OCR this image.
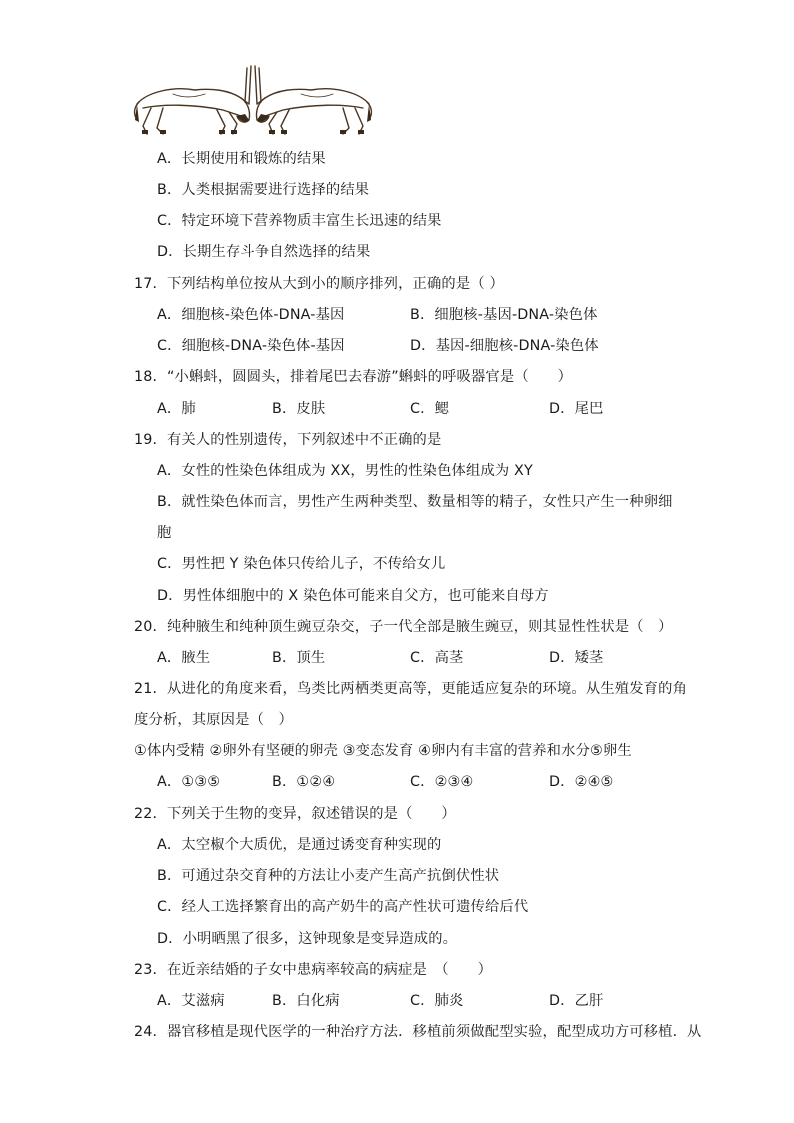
A．长期使用和锻炼的结果
B．人类根据需要进行选择的结果
C．特定环境下营养物质丰富生长迅速的结果
D．长期生存斗争自然选择的结果
17．下列结构单位按从大到小的顺序排列，正确的是（ ）
A．细胞核-染色体-DNA-基因	B．细胞核-基因-DNA-染色体
C．细胞核-DNA-染色体-基因	D．基因-细胞核-DNA-染色体
18．“小蝌蚪，圆圆头，排着尾巴去春游”蝌蚪的呼吸器官是（　　）
A．肺	B．皮肤	C．鳃	D．尾巴
19．有关人的性别遗传，下列叙述中不正确的是
A．女性的性染色体组成为 XX，男性的性染色体组成为 XY
B．就性染色体而言，男性产生两种类型、数量相等的精子，女性只产生一种卵细
胞
C．男性把 Y 染色体只传给儿子，不传给女儿
D．男性体细胞中的 X 染色体可能来自父方，也可能来自母方
20．纯种腋生和纯种顶生豌豆杂交，子一代全部是腋生豌豆，则其显性性状是（　）
A．腋生	B．顶生	C．高茎	D．矮茎
21．从进化的角度来看，鸟类比两栖类更高等，更能适应复杂的环境。从生殖发育的角
度分析，其原因是（　）
①体内受精 ②卵外有坚硬的卵壳 ③变态发育 ④卵内有丰富的营养和水分⑤卵生
A．①③⑤	B．①②④	C．②③④	D．②④⑤
22．下列关于生物的变异，叙述错误的是（　　）
A．太空椒个大质优，是通过诱变育种实现的
B．可通过杂交育种的方法让小麦产生高产抗倒伏性状
C．经人工选择繁育出的高产奶牛的高产性状可遗传给后代
D．小明晒黑了很多，这钟现象是变异造成的。
23．在近亲结婚的子女中患病率较高的病症是　（　　）
A．艾滋病	B．白化病	C．肺炎	D．乙肝
24．器官移植是现代医学的一种治疗方法．移植前须做配型实验，配型成功方可移植．从
